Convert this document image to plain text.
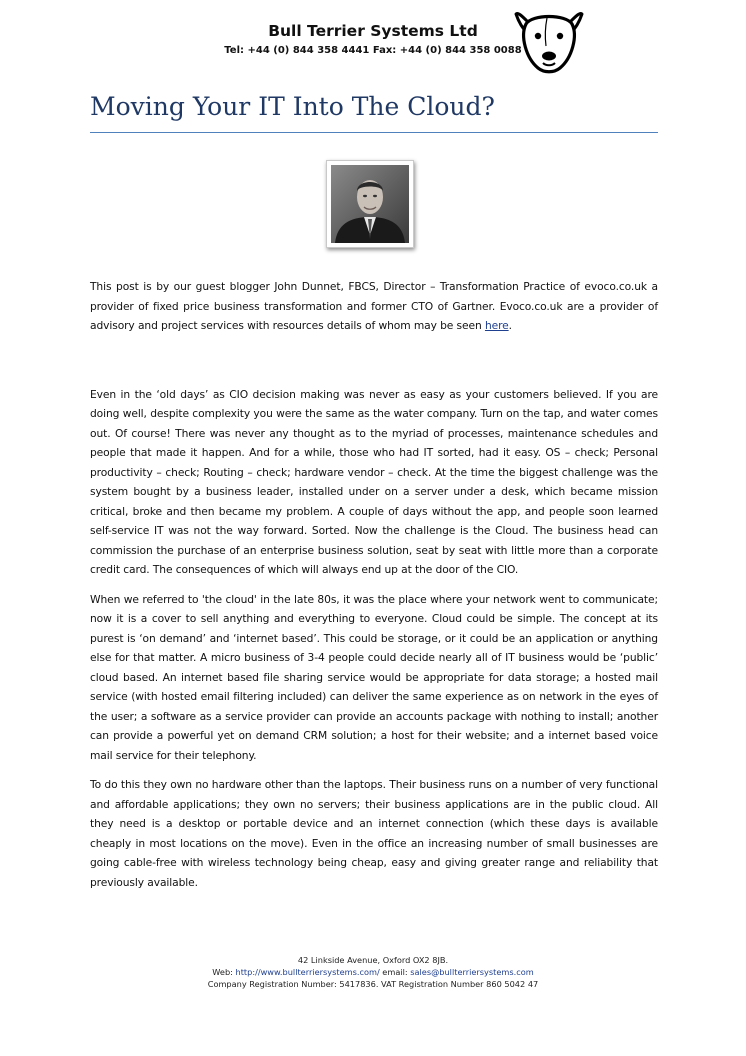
Bull Terrier Systems Ltd
Tel: +44 (0) 844 358 4441 Fax: +44 (0) 844 358 0088
Moving Your IT Into The Cloud?

This post is by our guest blogger John Dunnet, FBCS, Director – Transformation Practice of evoco.co.uk a provider of fixed price business transformation and former CTO of Gartner. Evoco.co.uk are a provider of advisory and project services with resources details of whom may be seen here.

Even in the ‘old days’ as CIO decision making was never as easy as your customers believed. If you are doing well, despite complexity you were the same as the water company. Turn on the tap, and water comes out. Of course! There was never any thought as to the myriad of processes, maintenance schedules and people that made it happen. And for a while, those who had IT sorted, had it easy. OS – check; Personal productivity – check; Routing – check; hardware vendor – check. At the time the biggest challenge was the system bought by a business leader, installed under on a server under a desk, which became mission critical, broke and then became my problem. A couple of days without the app, and people soon learned self-service IT was not the way forward. Sorted. Now the challenge is the Cloud. The business head can commission the purchase of an enterprise business solution, seat by seat with little more than a corporate credit card. The consequences of which will always end up at the door of the CIO.

When we referred to 'the cloud' in the late 80s, it was the place where your network went to communicate; now it is a cover to sell anything and everything to everyone. Cloud could be simple. The concept at its purest is ‘on demand’ and ‘internet based’. This could be storage, or it could be an application or anything else for that matter. A micro business of 3-4 people could decide nearly all of IT business would be ‘public’ cloud based. An internet based file sharing service would be appropriate for data storage; a hosted mail service (with hosted email filtering included) can deliver the same experience as on network in the eyes of the user; a software as a service provider can provide an accounts package with nothing to install; another can provide a powerful yet on demand CRM solution; a host for their website; and a internet based voice mail service for their telephony.

To do this they own no hardware other than the laptops. Their business runs on a number of very functional and affordable applications; they own no servers; their business applications are in the public cloud. All they need is a desktop or portable device and an internet connection (which these days is available cheaply in most locations on the move). Even in the office an increasing number of small businesses are going cable-free with wireless technology being cheap, easy and giving greater range and reliability that previously available.

42 Linkside Avenue, Oxford OX2 8JB.
Web: http://www.bullterriersystems.com/ email: sales@bullterriersystems.com
Company Registration Number: 5417836. VAT Registration Number 860 5042 47
